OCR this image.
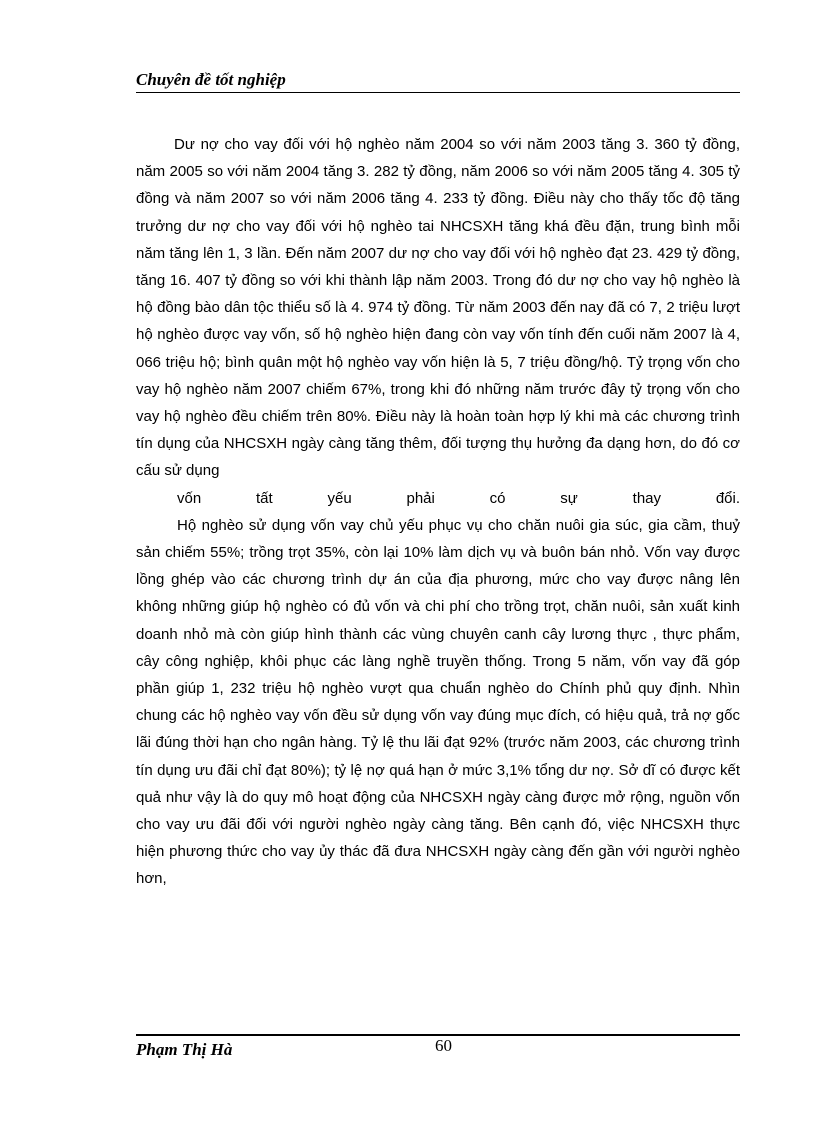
Chuyên đề tốt nghiệp

Dư nợ cho vay đối với hộ nghèo năm 2004 so với năm 2003 tăng 3. 360 tỷ đồng, năm 2005 so với năm 2004 tăng 3. 282 tỷ đồng, năm 2006 so với năm 2005 tăng 4. 305 tỷ đồng và năm 2007 so với năm 2006 tăng 4. 233 tỷ đồng. Điều này cho thấy tốc độ tăng trưởng dư nợ cho vay đối với hộ nghèo tai NHCSXH tăng khá đều đặn, trung bình mỗi năm tăng lên 1, 3 lần. Đến năm 2007 dư nợ cho vay đối với hộ nghèo đạt 23. 429 tỷ đồng, tăng 16. 407 tỷ đồng so với khi thành lập năm 2003. Trong đó dư nợ cho vay hộ nghèo là hộ đồng bào dân tộc thiểu số là 4. 974 tỷ đồng. Từ năm 2003 đến nay đã có 7, 2 triệu lượt hộ nghèo được vay vốn, số hộ nghèo hiện đang còn vay vốn tính đến cuối năm 2007 là 4, 066 triệu hộ; bình quân một hộ nghèo vay vốn hiện là 5, 7 triệu đồng/hộ. Tỷ trọng vốn cho vay hộ nghèo năm 2007 chiếm 67%, trong khi đó những năm trước đây tỷ trọng vốn cho vay hộ nghèo đều chiếm trên 80%. Điều này là hoàn toàn hợp lý khi mà các chương trình tín dụng của NHCSXH ngày càng tăng thêm, đối tượng thụ hưởng đa dạng hơn, do đó cơ cấu sử dụng

vốn tất yếu phải có sự thay đổi.

Hộ nghèo sử dụng vốn vay chủ yếu phục vụ cho chăn nuôi gia súc, gia cầm, thuỷ sản chiếm 55%; trồng trọt 35%, còn lại 10% làm dịch vụ và buôn bán nhỏ. Vốn vay được lồng ghép vào các chương trình dự án của địa phương, mức cho vay được nâng lên không những giúp hộ nghèo có đủ vốn và chi phí cho trồng trọt, chăn nuôi, sản xuất kinh doanh nhỏ mà còn giúp hình thành các vùng chuyên canh cây lương thực , thực phẩm, cây công nghiệp, khôi phục các làng nghề truyền thống. Trong 5 năm, vốn vay đã góp phần giúp 1, 232 triệu hộ nghèo vượt qua chuẩn nghèo do Chính phủ quy định. Nhìn chung các hộ nghèo vay vốn đều sử dụng vốn vay đúng mục đích, có hiệu quả, trả nợ gốc lãi đúng thời hạn cho ngân hàng. Tỷ lệ thu lãi đạt 92% (trước năm 2003, các chương trình tín dụng ưu đãi chỉ đạt 80%); tỷ lệ nợ quá hạn ở mức 3,1% tổng dư nợ. Sở dĩ có được kết quả như vậy là do quy mô hoạt động của NHCSXH ngày càng được mở rộng, nguồn vốn cho vay ưu đãi đối với người nghèo ngày càng tăng. Bên cạnh đó, việc NHCSXH thực hiện phương thức cho vay ủy thác đã đưa NHCSXH ngày càng đến gần với người nghèo hơn,

Phạm Thị Hà	60
